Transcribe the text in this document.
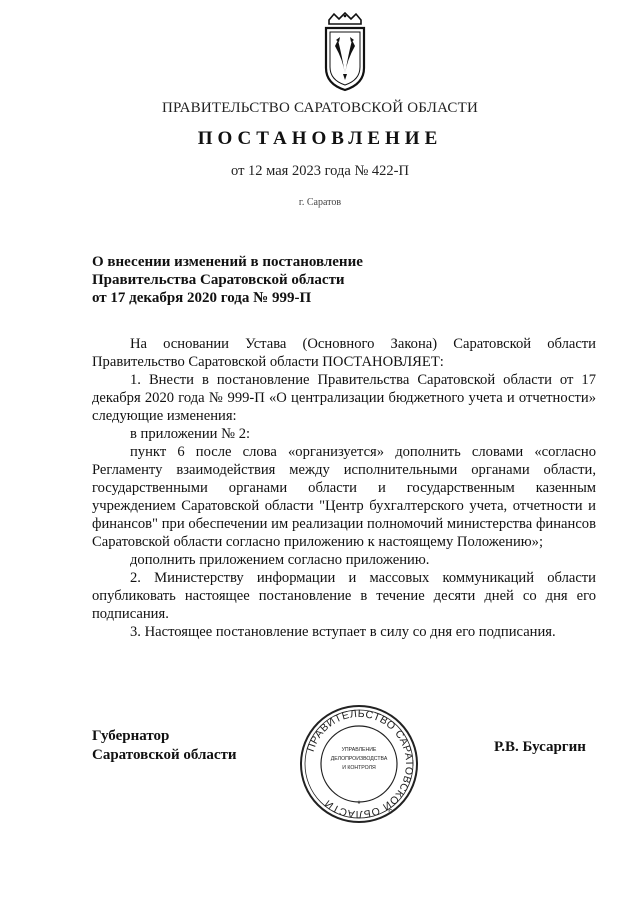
ПРАВИТЕЛЬСТВО САРАТОВСКОЙ ОБЛАСТИ
ПОСТАНОВЛЕНИЕ
от 12 мая 2023 года № 422-П
г. Саратов
О внесении изменений в постановление
Правительства Саратовской области
от 17 декабря 2020 года № 999-П

На основании Устава (Основного Закона) Саратовской области Правительство Саратовской области ПОСТАНОВЛЯЕТ:

1. Внести в постановление Правительства Саратовской области от 17 декабря 2020 года № 999-П «О централизации бюджетного учета и отчетности» следующие изменения:

в приложении № 2:

пункт 6 после слова «организуется» дополнить словами «согласно Регламенту взаимодействия между исполнительными органами области, государственными органами области и государственным казенным учреждением Саратовской области "Центр бухгалтерского учета, отчетности и финансов" при обеспечении им реализации полномочий министерства финансов Саратовской области согласно приложению к настоящему Положению»;

дополнить приложением согласно приложению.

2. Министерству информации и массовых коммуникаций области опубликовать настоящее постановление в течение десяти дней со дня его подписания.

3. Настоящее постановление вступает в силу со дня его подписания.

Губернатор
Саратовской области	Р.В. Бусаргин
ПРАВИТЕЛЬСТВО САРАТОВСКОЙ ОБЛАСТИ
УПРАВЛЕНИЕ
ДЕЛОПРОИЗВОДСТВА
И КОНТРОЛЯ
*
